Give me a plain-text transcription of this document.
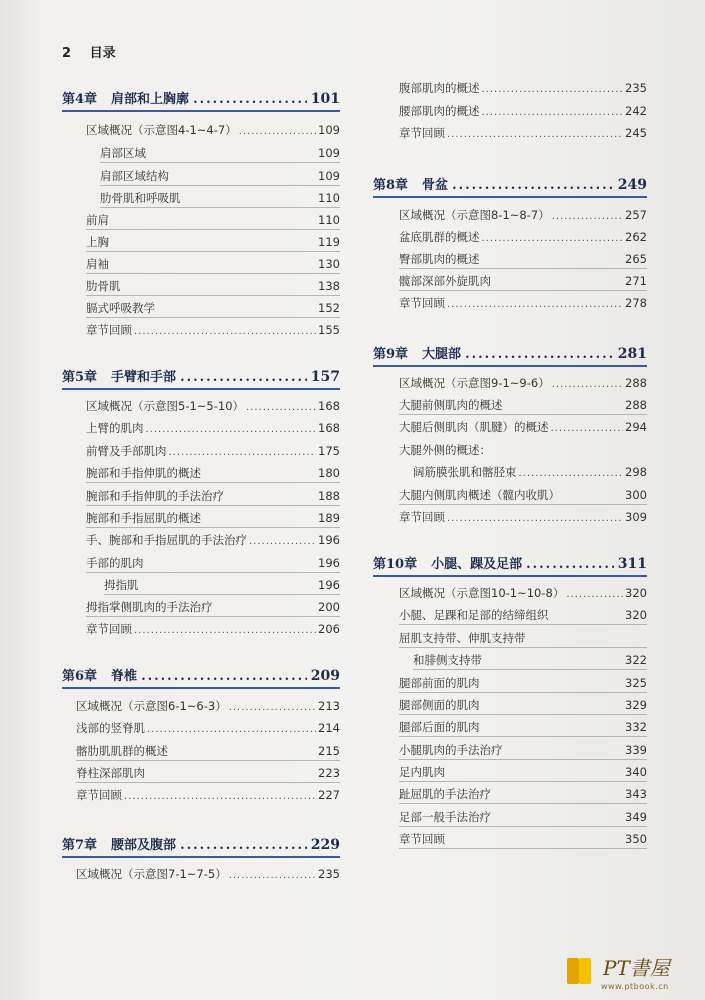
2 目录
第4章 肩部和上胸廓 .....	101
区域概况（示意图4-1~4-7） .....	109
肩部区域	109
肩部区域结构	109
肋骨肌和呼吸肌	110
前肩	110
上胸	119
肩袖	130
肋骨肌	138
膈式呼吸教学	152
章节回顾 .....	155
第5章 手臂和手部 .....	157
区域概况（示意图5-1~5-10） .....	168
上臂的肌肉 .....	168
前臂及手部肌肉 .....	175
腕部和手指伸肌的概述	180
腕部和手指伸肌的手法治疗	188
腕部和手指屈肌的概述	189
手、腕部和手指屈肌的手法治疗 .....	196
手部的肌肉	196
拇指肌	196
拇指掌侧肌肉的手法治疗	200
章节回顾 .....	206
第6章 脊椎 .....	209
区域概况（示意图6-1~6-3） .....	213
浅部的竖脊肌 .....	214
髂肋肌肌群的概述	215
脊柱深部肌肉	223
章节回顾 .....	227
第7章 腰部及腹部 .....	229
区域概况（示意图7-1~7-5） .....	235
腹部肌肉的概述 .....	235
腰部肌肉的概述 .....	242
章节回顾 .....	245
第8章 骨盆 .....	249
区域概况（示意图8-1~8-7） .....	257
盆底肌群的概述 .....	262
臀部肌肉的概述	265
髋部深部外旋肌肉	271
章节回顾 .....	278
第9章 大腿部 .....	281
区域概况（示意图9-1~9-6） .....	288
大腿前侧肌肉的概述	288
大腿后侧肌肉（肌腱）的概述 .....	294
大腿外侧的概述：
阔筋膜张肌和髂胫束 .....	298
大腿内侧肌肉概述（髋内收肌）	300
章节回顾 .....	309
第10章 小腿、踝及足部 .....	311
区域概况（示意图10-1~10-8） .....	320
小腿、足踝和足部的结缔组织	320
屈肌支持带、伸肌支持带
和腓侧支持带	322
腿部前面的肌肉	325
腿部侧面的肌肉	329
腿部后面的肌肉	332
小腿肌肉的手法治疗	339
足内肌肉	340
趾屈肌的手法治疗	343
足部一般手法治疗	349
章节回顾	350
PT書屋
www.ptbook.cn
